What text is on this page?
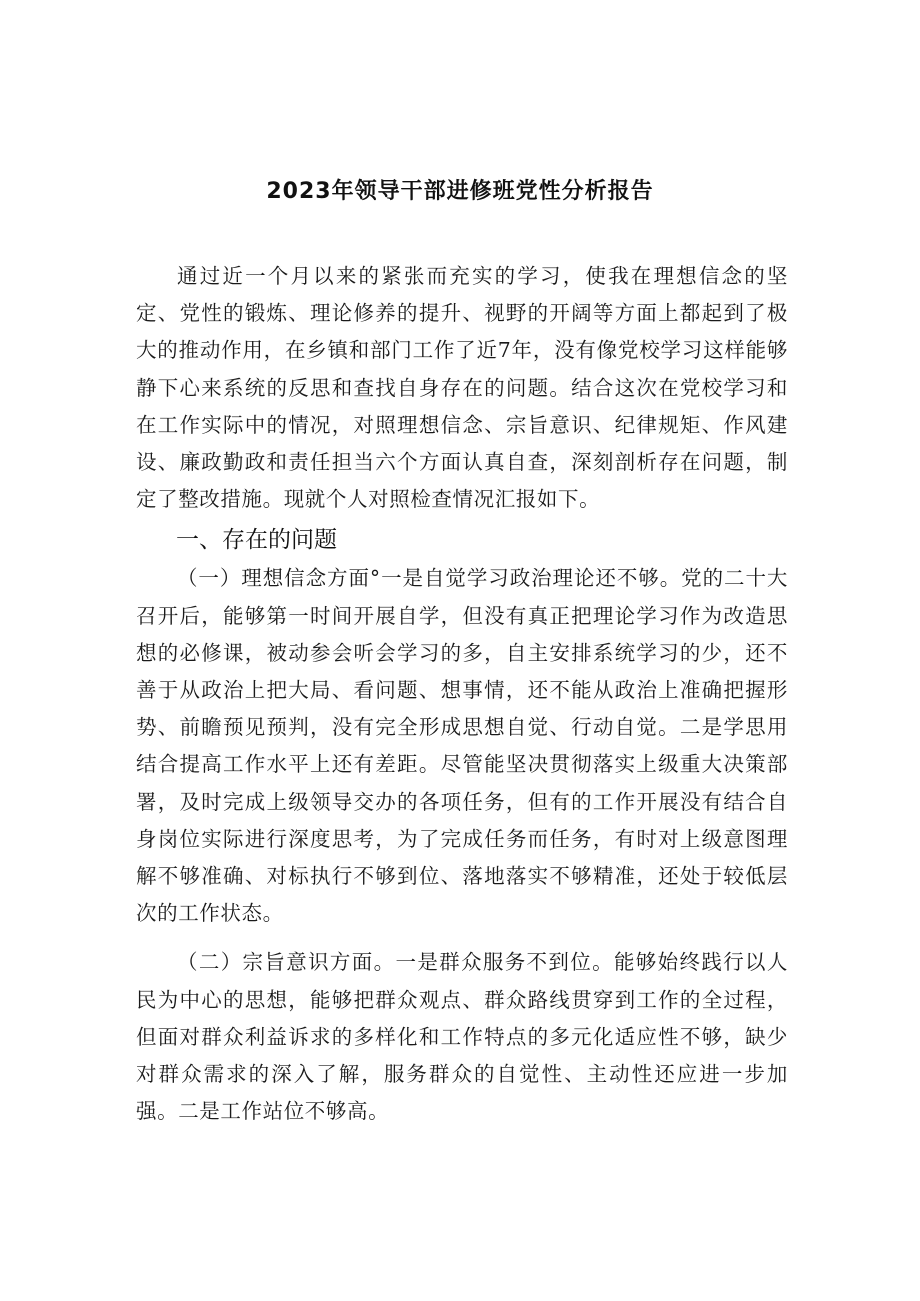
2023年领导干部进修班党性分析报告

通过近一个月以来的紧张而充实的学习，使我在理想信念的坚定、党性的锻炼、理论修养的提升、视野的开阔等方面上都起到了极大的推动作用，在乡镇和部门工作了近7年，没有像党校学习这样能够静下心来系统的反思和查找自身存在的问题。结合这次在党校学习和在工作实际中的情况，对照理想信念、宗旨意识、纪律规矩、作风建设、廉政勤政和责任担当六个方面认真自查，深刻剖析存在问题，制定了整改措施。现就个人对照检查情况汇报如下。

一、存在的问题

（一）理想信念方面°一是自觉学习政治理论还不够。党的二十大召开后，能够第一时间开展自学，但没有真正把理论学习作为改造思想的必修课，被动参会听会学习的多，自主安排系统学习的少，还不善于从政治上把大局、看问题、想事情，还不能从政治上准确把握形势、前瞻预见预判，没有完全形成思想自觉、行动自觉。二是学思用结合提高工作水平上还有差距。尽管能坚决贯彻落实上级重大决策部署，及时完成上级领导交办的各项任务，但有的工作开展没有结合自身岗位实际进行深度思考，为了完成任务而任务，有时对上级意图理解不够准确、对标执行不够到位、落地落实不够精准，还处于较低层次的工作状态。

（二）宗旨意识方面。一是群众服务不到位。能够始终践行以人民为中心的思想，能够把群众观点、群众路线贯穿到工作的全过程，但面对群众利益诉求的多样化和工作特点的多元化适应性不够，缺少对群众需求的深入了解，服务群众的自觉性、主动性还应进一步加强。二是工作站位不够高。
